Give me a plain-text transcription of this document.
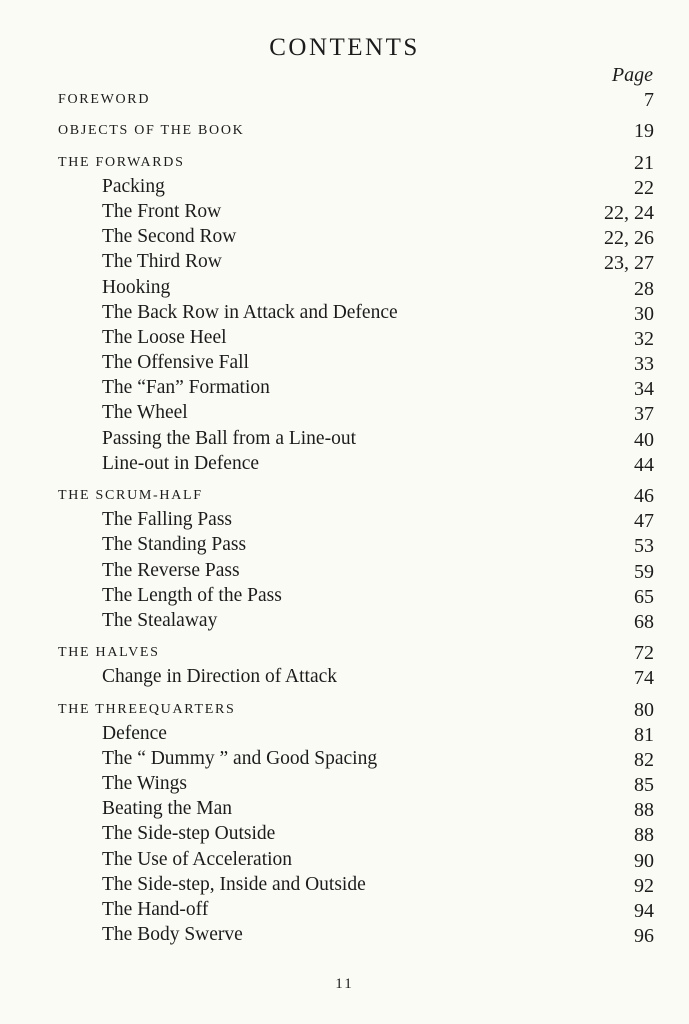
CONTENTS
Page
FOREWORD	7
OBJECTS OF THE BOOK	19
THE FORWARDS	21
Packing	22
The Front Row	22, 24
The Second Row	22, 26
The Third Row	23, 27
Hooking	28
The Back Row in Attack and Defence	30
The Loose Heel	32
The Offensive Fall	33
The “Fan” Formation	34
The Wheel	37
Passing the Ball from a Line-out	40
Line-out in Defence	44
THE SCRUM-HALF	46
The Falling Pass	47
The Standing Pass	53
The Reverse Pass	59
The Length of the Pass	65
The Stealaway	68
THE HALVES	72
Change in Direction of Attack	74
THE THREEQUARTERS	80
Defence	81
The “ Dummy ” and Good Spacing	82
The Wings	85
Beating the Man	88
The Side-step Outside	88
The Use of Acceleration	90
The Side-step, Inside and Outside	92
The Hand-off	94
The Body Swerve	96
11
